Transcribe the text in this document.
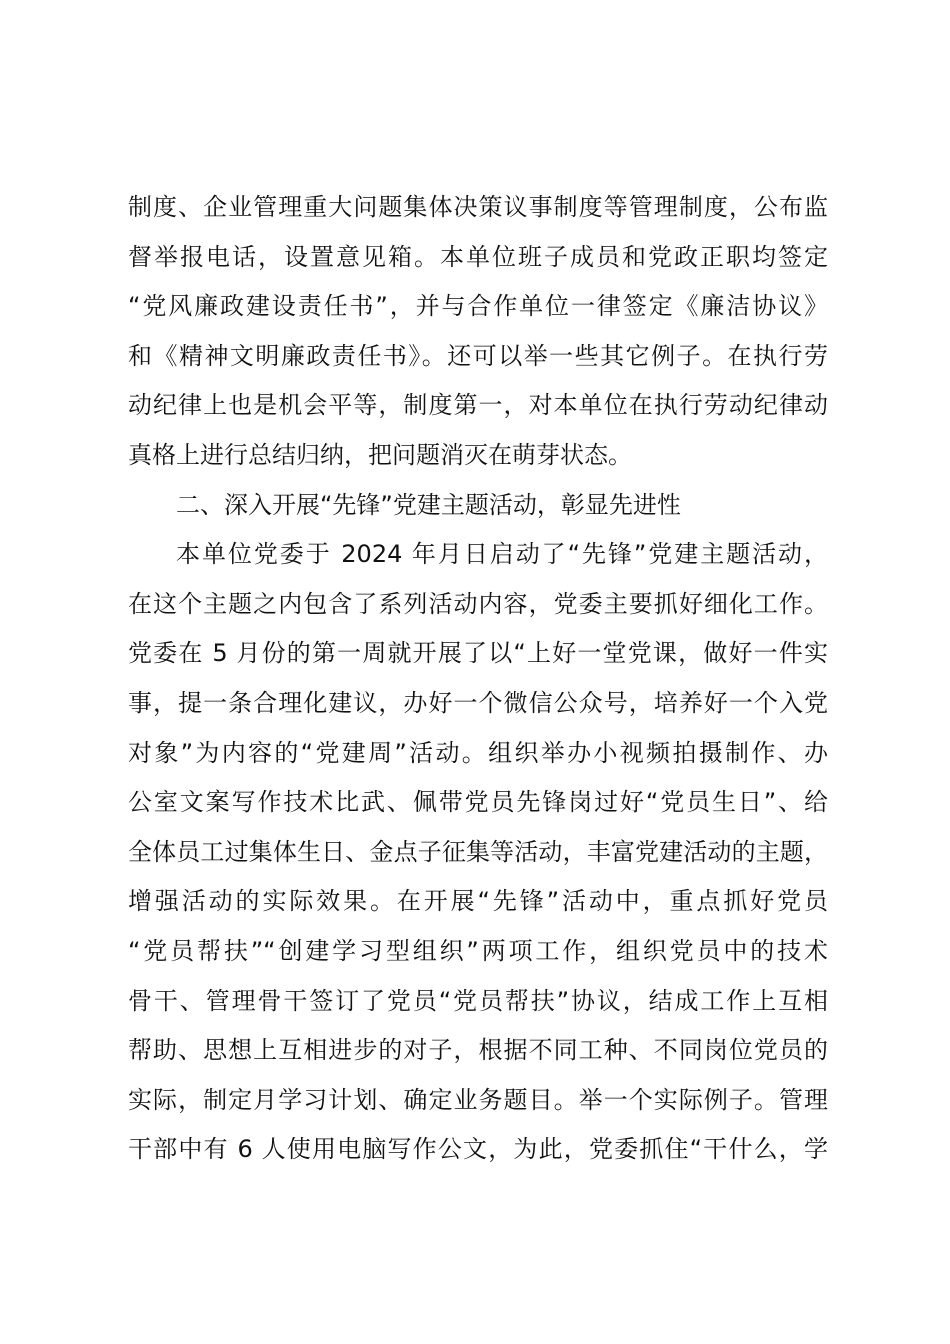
制度、企业管理重大问题集体决策议事制度等管理制度，公布监
督举报电话，设置意见箱。本单位班子成员和党政正职均签定
“党风廉政建设责任书”，并与合作单位一律签定《廉洁协议》
和《精神文明廉政责任书》。还可以举一些其它例子。在执行劳
动纪律上也是机会平等，制度第一，对本单位在执行劳动纪律动
真格上进行总结归纳，把问题消灭在萌芽状态。
二、深入开展“先锋”党建主题活动，彰显先进性
本单位党委于 2024 年月日启动了“先锋”党建主题活动，
在这个主题之内包含了系列活动内容，党委主要抓好细化工作。
党委在 5 月份的第一周就开展了以“上好一堂党课，做好一件实
事，提一条合理化建议，办好一个微信公众号，培养好一个入党
对象”为内容的“党建周”活动。组织举办小视频拍摄制作、办
公室文案写作技术比武、佩带党员先锋岗过好“党员生日”、给
全体员工过集体生日、金点子征集等活动，丰富党建活动的主题，
增强活动的实际效果。在开展“先锋”活动中，重点抓好党员
“党员帮扶”“创建学习型组织”两项工作，组织党员中的技术
骨干、管理骨干签订了党员“党员帮扶”协议，结成工作上互相
帮助、思想上互相进步的对子，根据不同工种、不同岗位党员的
实际，制定月学习计划、确定业务题目。举一个实际例子。管理
干部中有 6 人使用电脑写作公文，为此，党委抓住“干什么，学
